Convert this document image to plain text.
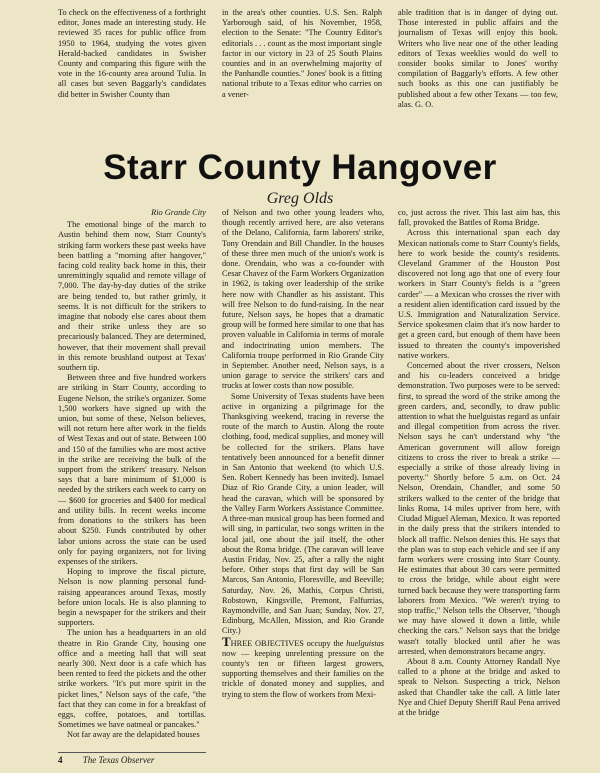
To check on the effectiveness of a forthright editor, Jones made an interesting study. He reviewed 35 races for public office from 1950 to 1964, studying the votes given Herald-backed candidates in Swisher County and comparing this figure with the vote in the 16-county area around Tulia. In all cases but seven Baggarly's candidates did better in Swisher County than

in the area's other counties. U.S. Sen. Ralph Yarborough said, of his November, 1958, election to the Senate: "The Country Editor's editorials . . . count as the most important single factor in our victory in 23 of 25 South Plains counties and in an overwhelming majority of the Panhandle counties." Jones' book is a fitting national tribute to a Texas editor who carries on a vener-

able tradition that is in danger of dying out. Those interested in public affairs and the journalism of Texas will enjoy this book. Writers who live near one of the other leading editors of Texas weeklies would do well to consider books similar to Jones' worthy compilation of Baggarly's efforts. A few other such books as this one can justifiably be published about a few other Texans — too few, alas. G. O.

Starr County Hangover
Greg Olds
Rio Grande City

The emotional binge of the march to Austin behind them now, Starr County's striking farm workers these past weeks have been battling a "morning after hangover," facing cold reality back home in this, their unremittingly squalid and remote village of 7,000. The day-by-day duties of the strike are being tended to, but rather grimly, it seems. It is not difficult for the strikers to imagine that nobody else cares about them and their strike unless they are so precariously balanced. They are determined, however, that their movement shall prevail in this remote brushland outpost at Texas' southern tip.

Between three and five hundred workers are striking in Starr County, according to Eugene Nelson, the strike's organizer. Some 1,500 workers have signed up with the union, but some of these, Nelson believes, will not return here after work in the fields of West Texas and out of state. Between 100 and 150 of the families who are most active in the strike are receiving the bulk of the support from the strikers' treasury. Nelson says that a bare minimum of $1,000 is needed by the strikers each week to carry on — $600 for groceries and $400 for medical and utility bills. In recent weeks income from donations to the strikers has been about $250. Funds contributed by other labor unions across the state can be used only for paying organizers, not for living expenses of the strikers.

Hoping to improve the fiscal picture, Nelson is now planning personal fund-raising appearances around Texas, mostly before union locals. He is also planning to begin a newspaper for the strikers and their supporters.

The union has a headquarters in an old theatre in Rio Grande City, housing one office and a meeting hall that will seat nearly 300. Next door is a cafe which has been rented to feed the pickets and the other strike workers. "It's put more spirit in the picket lines," Nelson says of the cafe, "the fact that they can come in for a breakfast of eggs, coffee, potatoes, and tortillas. Sometimes we have oatmeal or pancakes."

Not far away are the delapidated houses

of Nelson and two other young leaders who, though recently arrived here, are also veterans of the Delano, California, farm laborers' strike, Tony Orendain and Bill Chandler. In the houses of these three men much of the union's work is done. Orendain, who was a co-founder with Cesar Chavez of the Farm Workers Organization in 1962, is taking over leadership of the strike here now with Chandler as his assistant. This will free Nelson to do fund-raising. In the near future, Nelson says, he hopes that a dramatic group will be formed here similar to one that has proven valuable in California in terms of morale and indoctrinating union members. The California troupe performed in Rio Grande City in September. Another need, Nelson says, is a union garage to service the strikers' cars and trucks at lower costs than now possible.

Some University of Texas students have been active in organizing a pilgrimage for the Thanksgiving weekend, tracing in reverse the route of the march to Austin. Along the route clothing, food, medical supplies, and money will be collected for the strikers. Plans have tentatively been announced for a benefit dinner in San Antonio that weekend (to which U.S. Sen. Robert Kennedy has been invited). Ismael Diaz of Rio Grande City, a union leader, will head the caravan, which will be sponsored by the Valley Farm Workers Assistance Committee. A three-man musical group has been formed and will sing, in particular, two songs written in the local jail, one about the jail itself, the other about the Roma bridge. (The caravan will leave Austin Friday, Nov. 25, after a rally the night before. Other stops that first day will be San Marcos, San Antonio, Floresville, and Beeville; Saturday, Nov. 26, Mathis, Corpus Christi, Robstown, Kingsville, Premont, Falfurrias, Raymondville, and San Juan; Sunday, Nov. 27, Edinburg, McAllen, Mission, and Rio Grande City.)

THREE OBJECTIVES occupy the huelguistas now — keeping unrelenting pressure on the county's ten or fifteen largest growers, supporting themselves and their families on the trickle of donated money and supplies, and trying to stem the flow of workers from Mexi-

co, just across the river. This last aim has, this fall, provoked the Battles of Roma Bridge.

Across this international span each day Mexican nationals come to Starr County's fields, here to work beside the county's residents. Cleveland Grammer of the Houston Post discovered not long ago that one of every four workers in Starr County's fields is a "green carder" — a Mexican who crosses the river with a resident alien identification card issued by the U.S. Immigration and Naturalization Service. Service spokesmen claim that it's now harder to get a green card, but enough of them have been issued to threaten the county's impoverished native workers.

Concerned about the river crossers, Nelson and his co-leaders conceived a bridge demonstration. Two purposes were to be served: first, to spread the word of the strike among the green carders, and, secondly, to draw public attention to what the huelguistas regard as unfair and illegal competition from across the river. Nelson says he can't understand why "the American government will allow foreign citizens to cross the river to break a strike — especially a strike of those already living in poverty." Shortly before 5 a.m. on Oct. 24 Nelson, Orendain, Chandler, and some 50 strikers walked to the center of the bridge that links Roma, 14 miles upriver from here, with Ciudad Miguel Aleman, Mexico. It was reported in the daily press that the strikers intended to block all traffic. Nelson denies this. He says that the plan was to stop each vehicle and see if any farm workers were crossing into Starr County. He estimates that about 30 cars were permitted to cross the bridge, while about eight were turned back because they were transporting farm laborers from Mexico. "We weren't trying to stop traffic," Nelson tells the Observer, "though we may have slowed it down a little, while checking the cars." Nelson says that the bridge wasn't totally blocked until after he was arrested, when demonstrators became angry.

About 8 a.m. County Attorney Randall Nye called to a phone at the bridge and asked to speak to Nelson. Suspecting a trick, Nelson asked that Chandler take the call. A little later Nye and Chief Deputy Sheriff Raul Pena arrived at the bridge

4 The Texas Observer
